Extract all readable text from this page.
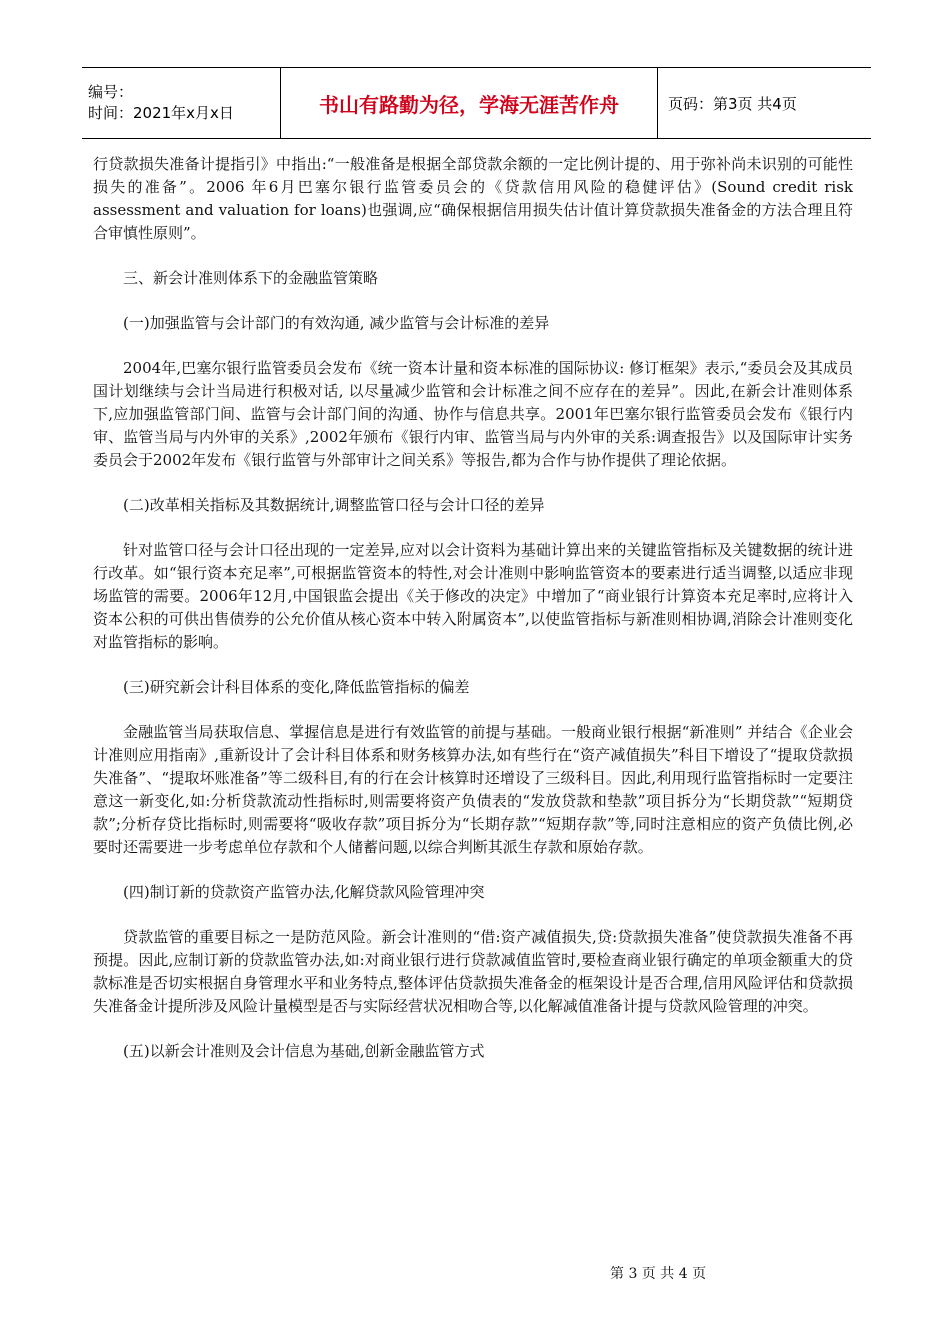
编号：
时间：2021年x月x日	书山有路勤为径，学海无涯苦作舟	页码：第3页 共4页

行贷款损失准备计提指引》中指出:“一般准备是根据全部贷款余额的一定比例计提的、用于弥补尚未识别的可能性损失的准备”。2006 年6月巴塞尔银行监管委员会的《贷款信用风险的稳健评估》(Sound credit risk assessment and valuation for loans)也强调,应“确保根据信用损失估计值计算贷款损失准备金的方法合理且符合审慎性原则”。

三、新会计准则体系下的金融监管策略

(一)加强监管与会计部门的有效沟通, 减少监管与会计标准的差异

2004年,巴塞尔银行监管委员会发布《统一资本计量和资本标准的国际协议: 修订框架》表示,“委员会及其成员国计划继续与会计当局进行积极对话, 以尽量减少监管和会计标准之间不应存在的差异”。因此,在新会计准则体系下,应加强监管部门间、监管与会计部门间的沟通、协作与信息共享。2001年巴塞尔银行监管委员会发布《银行内审、监管当局与内外审的关系》,2002年颁布《银行内审、监管当局与内外审的关系:调查报告》以及国际审计实务委员会于2002年发布《银行监管与外部审计之间关系》等报告,都为合作与协作提供了理论依据。

(二)改革相关指标及其数据统计,调整监管口径与会计口径的差异

针对监管口径与会计口径出现的一定差异,应对以会计资料为基础计算出来的关键监管指标及关键数据的统计进行改革。如“银行资本充足率”,可根据监管资本的特性,对会计准则中影响监管资本的要素进行适当调整,以适应非现场监管的需要。2006年12月,中国银监会提出《关于修改的决定》中增加了“商业银行计算资本充足率时,应将计入资本公积的可供出售债券的公允价值从核心资本中转入附属资本”,以使监管指标与新准则相协调,消除会计准则变化对监管指标的影响。

(三)研究新会计科目体系的变化,降低监管指标的偏差

金融监管当局获取信息、掌握信息是进行有效监管的前提与基础。一般商业银行根据“新准则” 并结合《企业会计准则应用指南》,重新设计了会计科目体系和财务核算办法,如有些行在“资产减值损失”科目下增设了“提取贷款损失准备”、“提取坏账准备”等二级科目,有的行在会计核算时还增设了三级科目。因此,利用现行监管指标时一定要注意这一新变化,如:分析贷款流动性指标时,则需要将资产负债表的“发放贷款和垫款”项目拆分为“长期贷款”“短期贷款”;分析存贷比指标时,则需要将“吸收存款”项目拆分为“长期存款”“短期存款”等,同时注意相应的资产负债比例,必要时还需要进一步考虑单位存款和个人储蓄问题,以综合判断其派生存款和原始存款。

(四)制订新的贷款资产监管办法,化解贷款风险管理冲突

贷款监管的重要目标之一是防范风险。新会计准则的“借:资产减值损失,贷:贷款损失准备”使贷款损失准备不再预提。因此,应制订新的贷款监管办法,如:对商业银行进行贷款减值监管时,要检查商业银行确定的单项金额重大的贷款标准是否切实根据自身管理水平和业务特点,整体评估贷款损失准备金的框架设计是否合理,信用风险评估和贷款损失准备金计提所涉及风险计量模型是否与实际经营状况相吻合等,以化解减值准备计提与贷款风险管理的冲突。

(五)以新会计准则及会计信息为基础,创新金融监管方式

第 3 页 共 4 页
